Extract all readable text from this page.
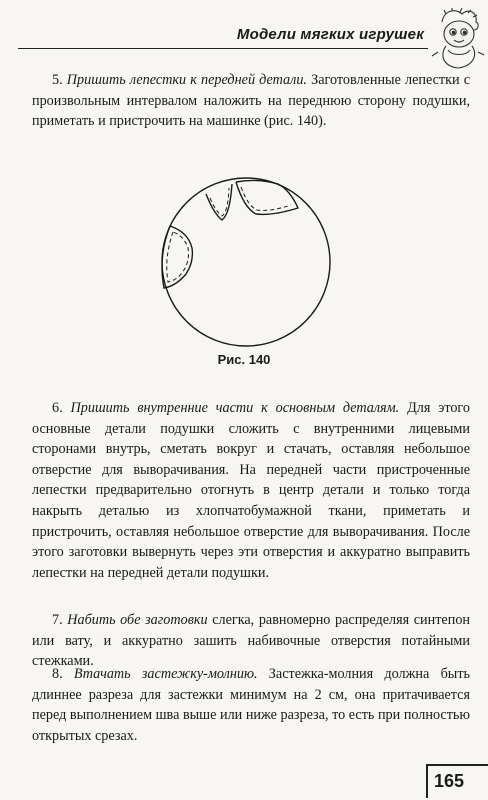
Модели мягких игрушек

5. Пришить лепестки к передней детали. Заготовленные лепестки с произвольным интервалом наложить на переднюю сторону подушки, приметать и пристрочить на машинке (рис. 140).

Рис. 140

6. Пришить внутренние части к основным деталям. Для этого основные детали подушки сложить с внутренними лицевыми сторонами внутрь, сметать вокруг и стачать, оставляя небольшое отверстие для выворачивания. На передней части пристроченные лепестки предварительно отогнуть в центр детали и только тогда накрыть деталью из хлопчатобумажной ткани, приметать и пристрочить, оставляя небольшое отверстие для выворачивания. После этого заготовки вывернуть через эти отверстия и аккуратно выправить лепестки на передней детали подушки.

7. Набить обе заготовки слегка, равномерно распределяя синтепон или вату, и аккуратно зашить набивочные отверстия потайными стежками.

8. Втачать застежку-молнию. Застежка-молния должна быть длиннее разреза для застежки минимум на 2 см, она притачивается перед выполнением шва выше или ниже разреза, то есть при полностью открытых срезах.

165
